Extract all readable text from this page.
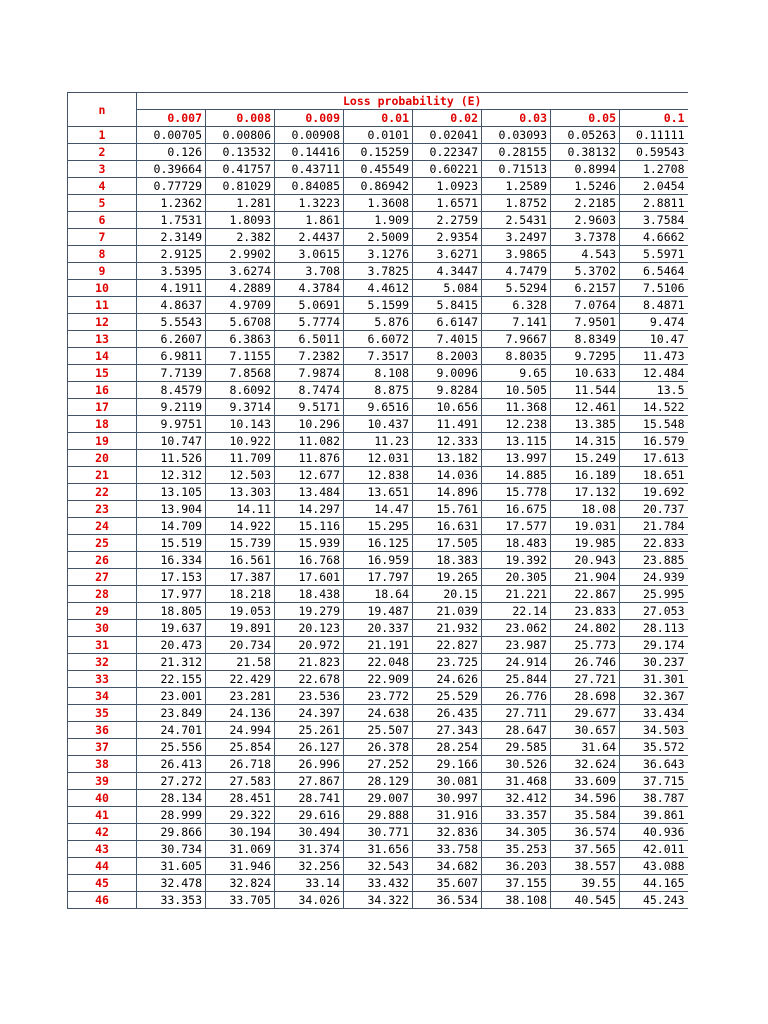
n	Loss probability (E)							
	0.007	0.008	0.009	0.01	0.02	0.03	0.05	0.1
1	0.00705	0.00806	0.00908	0.0101	0.02041	0.03093	0.05263	0.11111
2	0.126	0.13532	0.14416	0.15259	0.22347	0.28155	0.38132	0.59543
3	0.39664	0.41757	0.43711	0.45549	0.60221	0.71513	0.8994	1.2708
4	0.77729	0.81029	0.84085	0.86942	1.0923	1.2589	1.5246	2.0454
5	1.2362	1.281	1.3223	1.3608	1.6571	1.8752	2.2185	2.8811
6	1.7531	1.8093	1.861	1.909	2.2759	2.5431	2.9603	3.7584
7	2.3149	2.382	2.4437	2.5009	2.9354	3.2497	3.7378	4.6662
8	2.9125	2.9902	3.0615	3.1276	3.6271	3.9865	4.543	5.5971
9	3.5395	3.6274	3.708	3.7825	4.3447	4.7479	5.3702	6.5464
10	4.1911	4.2889	4.3784	4.4612	5.084	5.5294	6.2157	7.5106
11	4.8637	4.9709	5.0691	5.1599	5.8415	6.328	7.0764	8.4871
12	5.5543	5.6708	5.7774	5.876	6.6147	7.141	7.9501	9.474
13	6.2607	6.3863	6.5011	6.6072	7.4015	7.9667	8.8349	10.47
14	6.9811	7.1155	7.2382	7.3517	8.2003	8.8035	9.7295	11.473
15	7.7139	7.8568	7.9874	8.108	9.0096	9.65	10.633	12.484
16	8.4579	8.6092	8.7474	8.875	9.8284	10.505	11.544	13.5
17	9.2119	9.3714	9.5171	9.6516	10.656	11.368	12.461	14.522
18	9.9751	10.143	10.296	10.437	11.491	12.238	13.385	15.548
19	10.747	10.922	11.082	11.23	12.333	13.115	14.315	16.579
20	11.526	11.709	11.876	12.031	13.182	13.997	15.249	17.613
21	12.312	12.503	12.677	12.838	14.036	14.885	16.189	18.651
22	13.105	13.303	13.484	13.651	14.896	15.778	17.132	19.692
23	13.904	14.11	14.297	14.47	15.761	16.675	18.08	20.737
24	14.709	14.922	15.116	15.295	16.631	17.577	19.031	21.784
25	15.519	15.739	15.939	16.125	17.505	18.483	19.985	22.833
26	16.334	16.561	16.768	16.959	18.383	19.392	20.943	23.885
27	17.153	17.387	17.601	17.797	19.265	20.305	21.904	24.939
28	17.977	18.218	18.438	18.64	20.15	21.221	22.867	25.995
29	18.805	19.053	19.279	19.487	21.039	22.14	23.833	27.053
30	19.637	19.891	20.123	20.337	21.932	23.062	24.802	28.113
31	20.473	20.734	20.972	21.191	22.827	23.987	25.773	29.174
32	21.312	21.58	21.823	22.048	23.725	24.914	26.746	30.237
33	22.155	22.429	22.678	22.909	24.626	25.844	27.721	31.301
34	23.001	23.281	23.536	23.772	25.529	26.776	28.698	32.367
35	23.849	24.136	24.397	24.638	26.435	27.711	29.677	33.434
36	24.701	24.994	25.261	25.507	27.343	28.647	30.657	34.503
37	25.556	25.854	26.127	26.378	28.254	29.585	31.64	35.572
38	26.413	26.718	26.996	27.252	29.166	30.526	32.624	36.643
39	27.272	27.583	27.867	28.129	30.081	31.468	33.609	37.715
40	28.134	28.451	28.741	29.007	30.997	32.412	34.596	38.787
41	28.999	29.322	29.616	29.888	31.916	33.357	35.584	39.861
42	29.866	30.194	30.494	30.771	32.836	34.305	36.574	40.936
43	30.734	31.069	31.374	31.656	33.758	35.253	37.565	42.011
44	31.605	31.946	32.256	32.543	34.682	36.203	38.557	43.088
45	32.478	32.824	33.14	33.432	35.607	37.155	39.55	44.165
46	33.353	33.705	34.026	34.322	36.534	38.108	40.545	45.243
